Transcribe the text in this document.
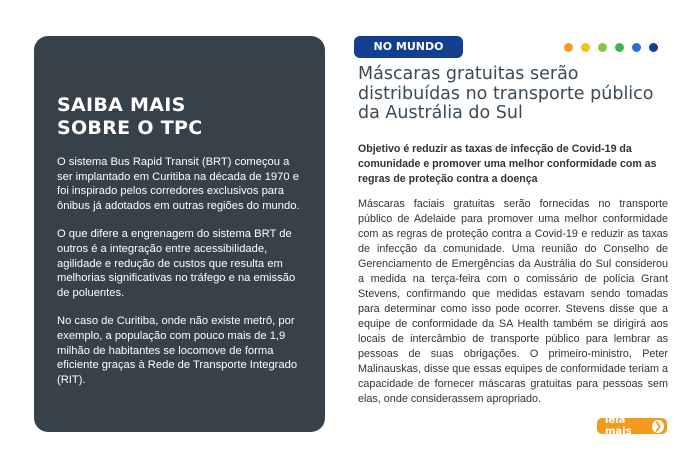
SAIBA MAIS
SOBRE O TPC

O sistema Bus Rapid Transit (BRT) começou a ser implantado em Curitiba na década de 1970 e foi inspirado pelos corredores exclusivos para ônibus já adotados em outras regiões do mundo.

O que difere a engrenagem do sistema BRT de outros é a integração entre acessibilidade, agilidade e redução de custos que resulta em melhorias significativas no tráfego e na emissão de poluentes.

No caso de Curitiba, onde não existe metrô, por exemplo, a população com pouco mais de 1,9 milhão de habitantes se locomove de forma eficiente graças à Rede de Transporte Integrado (RIT).

NO MUNDO
Máscaras gratuitas serão distribuídas no transporte público da Austrália do Sul

Objetivo é reduzir as taxas de infecção de Covid-19 da comunidade e promover uma melhor conformidade com as regras de proteção contra a doença

Máscaras faciais gratuitas serão fornecidas no transporte público de Adelaide para promover uma melhor conformidade com as regras de proteção contra a Covid-19 e reduzir as taxas de infecção da comunidade. Uma reunião do Conselho de Gerenciamento de Emergências da Austrália do Sul considerou a medida na terça-feira com o comissário de polícia Grant Stevens, confirmando que medidas estavam sendo tomadas para determinar como isso pode ocorrer. Stevens disse que a equipe de conformidade da SA Health também se dirigirá aos locais de intercâmbio de transporte público para lembrar as pessoas de suas obrigações. O primeiro-ministro, Peter Malinauskas, disse que essas equipes de conformidade teriam a capacidade de fornecer máscaras gratuitas para pessoas sem elas, onde considerassem apropriado.

leia mais	❯
